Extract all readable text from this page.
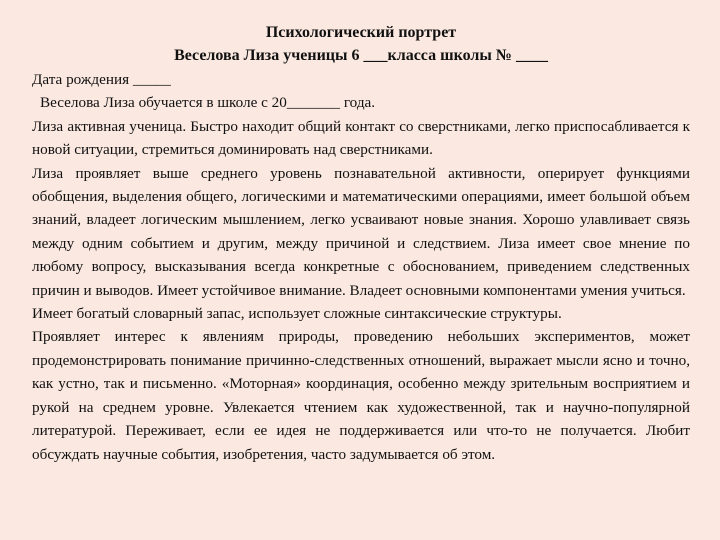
Психологический портрет
Веселова Лиза ученицы 6 ___класса школы № ____

Дата рождения _____

Веселова Лиза обучается в школе с 20_______ года.

Лиза активная ученица. Быстро находит общий контакт со сверстниками, легко приспосабливается к новой ситуации, стремиться доминировать над сверстниками.

Лиза проявляет выше среднего уровень познавательной активности, оперирует функциями обобщения, выделения общего, логическими и математическими операциями, имеет большой объем знаний, владеет логическим мышлением, легко усваивают новые знания. Хорошо улавливает связь между одним событием и другим, между причиной и следствием. Лиза имеет свое мнение по любому вопросу, высказывания всегда конкретные с обоснованием, приведением следственных причин и выводов. Имеет устойчивое внимание. Владеет основными компонентами умения учиться.

Имеет богатый словарный запас, использует сложные синтаксические структуры.

Проявляет интерес к явлениям природы, проведению небольших экспериментов, может продемонстрировать понимание причинно-следственных отношений, выражает мысли ясно и точно, как устно, так и письменно. «Моторная» координация, особенно между зрительным восприятием и рукой на среднем уровне. Увлекается чтением как художественной, так и научно-популярной литературой. Переживает, если ее идея не поддерживается или что-то не получается. Любит обсуждать научные события, изобретения, часто задумывается об этом.
